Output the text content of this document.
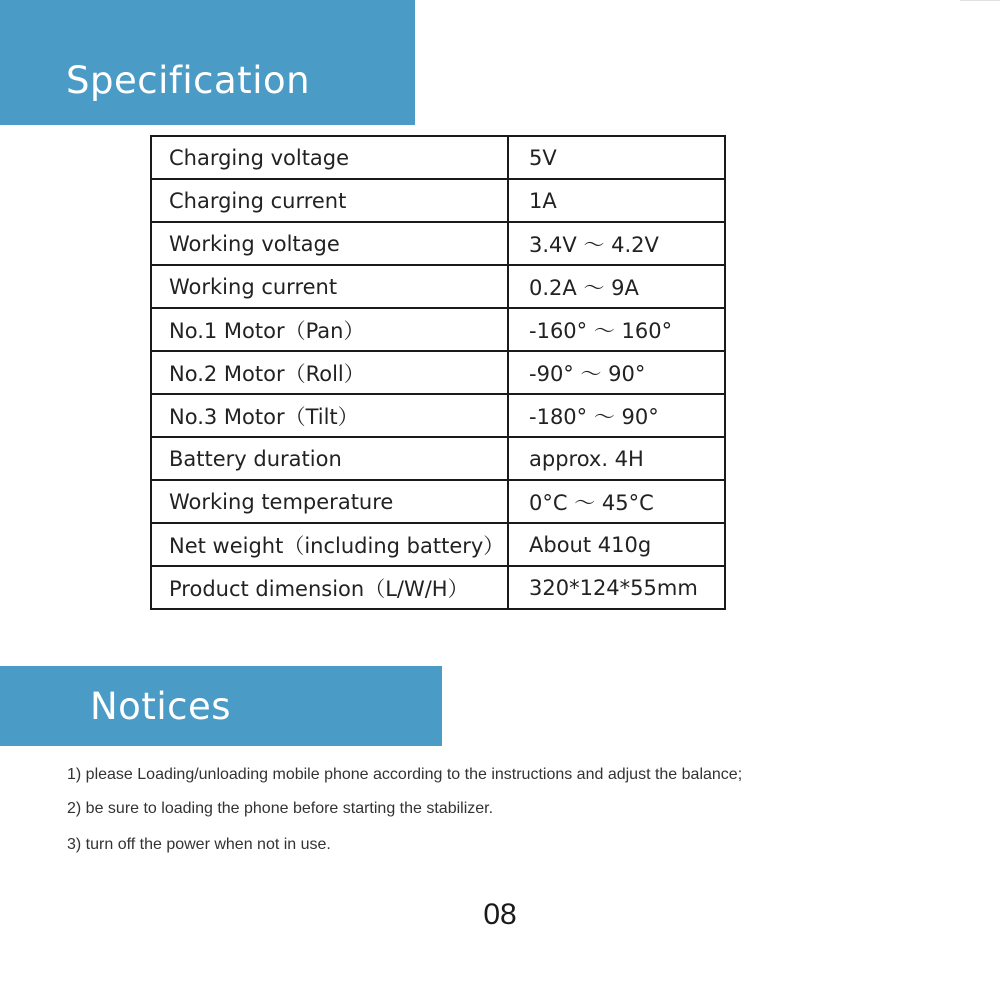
Specification
Charging voltage	5V
Charging current	1A
Working voltage	3.4V ～ 4.2V
Working current	0.2A ～ 9A
No.1 Motor（Pan）	-160° ～ 160°
No.2 Motor（Roll）	-90° ～ 90°
No.3 Motor（Tilt）	-180° ～ 90°
Battery duration	approx. 4H
Working temperature	0°C ～ 45°C
Net weight（including battery）	About 410g
Product dimension（L/W/H）	320*124*55mm
Notices
1) please Loading/unloading mobile phone according to the instructions and adjust the balance;
2) be sure to loading the phone before starting the stabilizer.
3) turn off the power when not in use.
08
